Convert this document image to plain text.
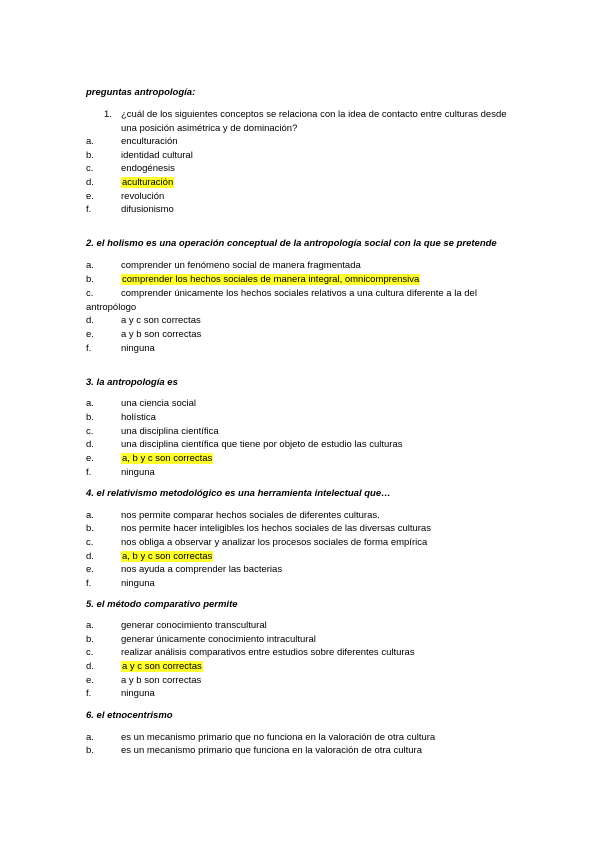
preguntas antropología:
1. ¿cuál de los siguientes conceptos se relaciona con la idea de contacto entre culturas desde una posición asimétrica y de dominación?
a.	enculturación
b.	identidad cultural
c.	endogénesis
d.	aculturación
e.	revolución
f.	difusionismo
2. el holismo es una operación conceptual de la antropología social con la que se pretende
a.	comprender un fenómeno social de manera fragmentada
b.	comprender los hechos sociales de manera integral, omnicomprensiva
c.	comprender únicamente los hechos sociales relativos a una cultura diferente a la del antropólogo
d.	a y c son correctas
e.	a y b son correctas
f.	ninguna
3. la antropología es
a.	una ciencia social
b.	holística
c.	una disciplina científica
d.	una disciplina científica que tiene por objeto de estudio las culturas
e.	a, b y c son correctas
f.	ninguna
4. el relativismo metodológico es una herramienta intelectual que…
a.	nos permite comparar hechos sociales de diferentes culturas.
b.	nos permite hacer inteligibles los hechos sociales de las diversas culturas
c.	nos obliga a observar y analizar los procesos sociales de forma empírica
d.	a, b y c son correctas
e.	nos ayuda a comprender las bacterias
f.	ninguna
5. el método comparativo permite
a.	generar conocimiento transcultural
b.	generar únicamente conocimiento intracultural
c.	realizar análisis comparativos entre estudios sobre diferentes culturas
d.	a y c son correctas
e.	a y b son correctas
f.	ninguna
6. el etnocentrismo
a.	es un mecanismo primario que no funciona en la valoración de otra cultura
b.	es un mecanismo primario que funciona en la valoración de otra cultura
